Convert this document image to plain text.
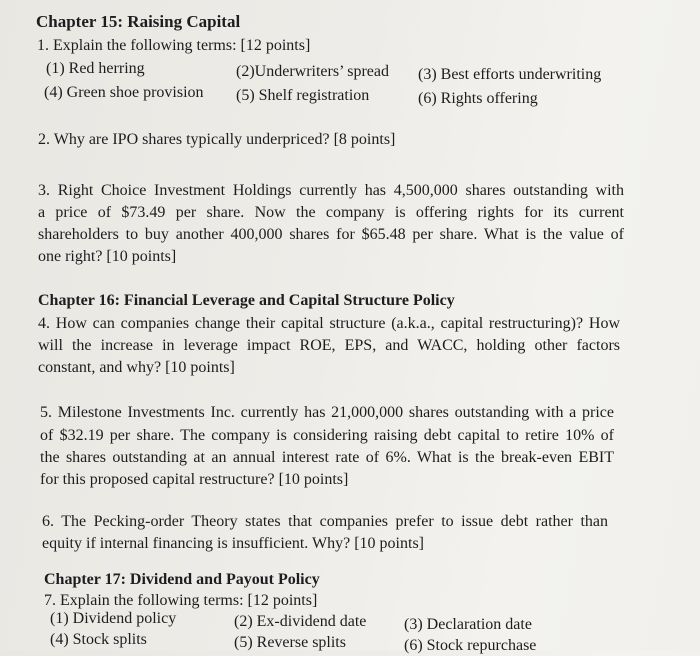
Chapter 15: Raising Capital
1. Explain the following terms: [12 points]
(1) Red herring	(2)Underwriters’ spread (3) Best efforts underwriting
(4) Green shoe provision (5) Shelf registration	(6) Rights offering
2. Why are IPO shares typically underpriced? [8 points]
3. Right Choice Investment Holdings currently has 4,500,000 shares outstanding with
a price of $73.49 per share. Now the company is offering rights for its current
shareholders to buy another 400,000 shares for $65.48 per share. What is the value of
one right? [10 points]
Chapter 16: Financial Leverage and Capital Structure Policy
4. How can companies change their capital structure (a.k.a., capital restructuring)? How
will the increase in leverage impact ROE, EPS, and WACC, holding other factors
constant, and why? [10 points]
5. Milestone Investments Inc. currently has 21,000,000 shares outstanding with a price
of $32.19 per share. The company is considering raising debt capital to retire 10% of
the shares outstanding at an annual interest rate of 6%. What is the break-even EBIT
for this proposed capital restructure? [10 points]
6. The Pecking-order Theory states that companies prefer to issue debt rather than
equity if internal financing is insufficient. Why? [10 points]
Chapter 17: Dividend and Payout Policy
7. Explain the following terms: [12 points]
(1) Dividend policy	(2) Ex-dividend date (3) Declaration date
(4) Stock splits	(5) Reverse splits	(6) Stock repurchase
